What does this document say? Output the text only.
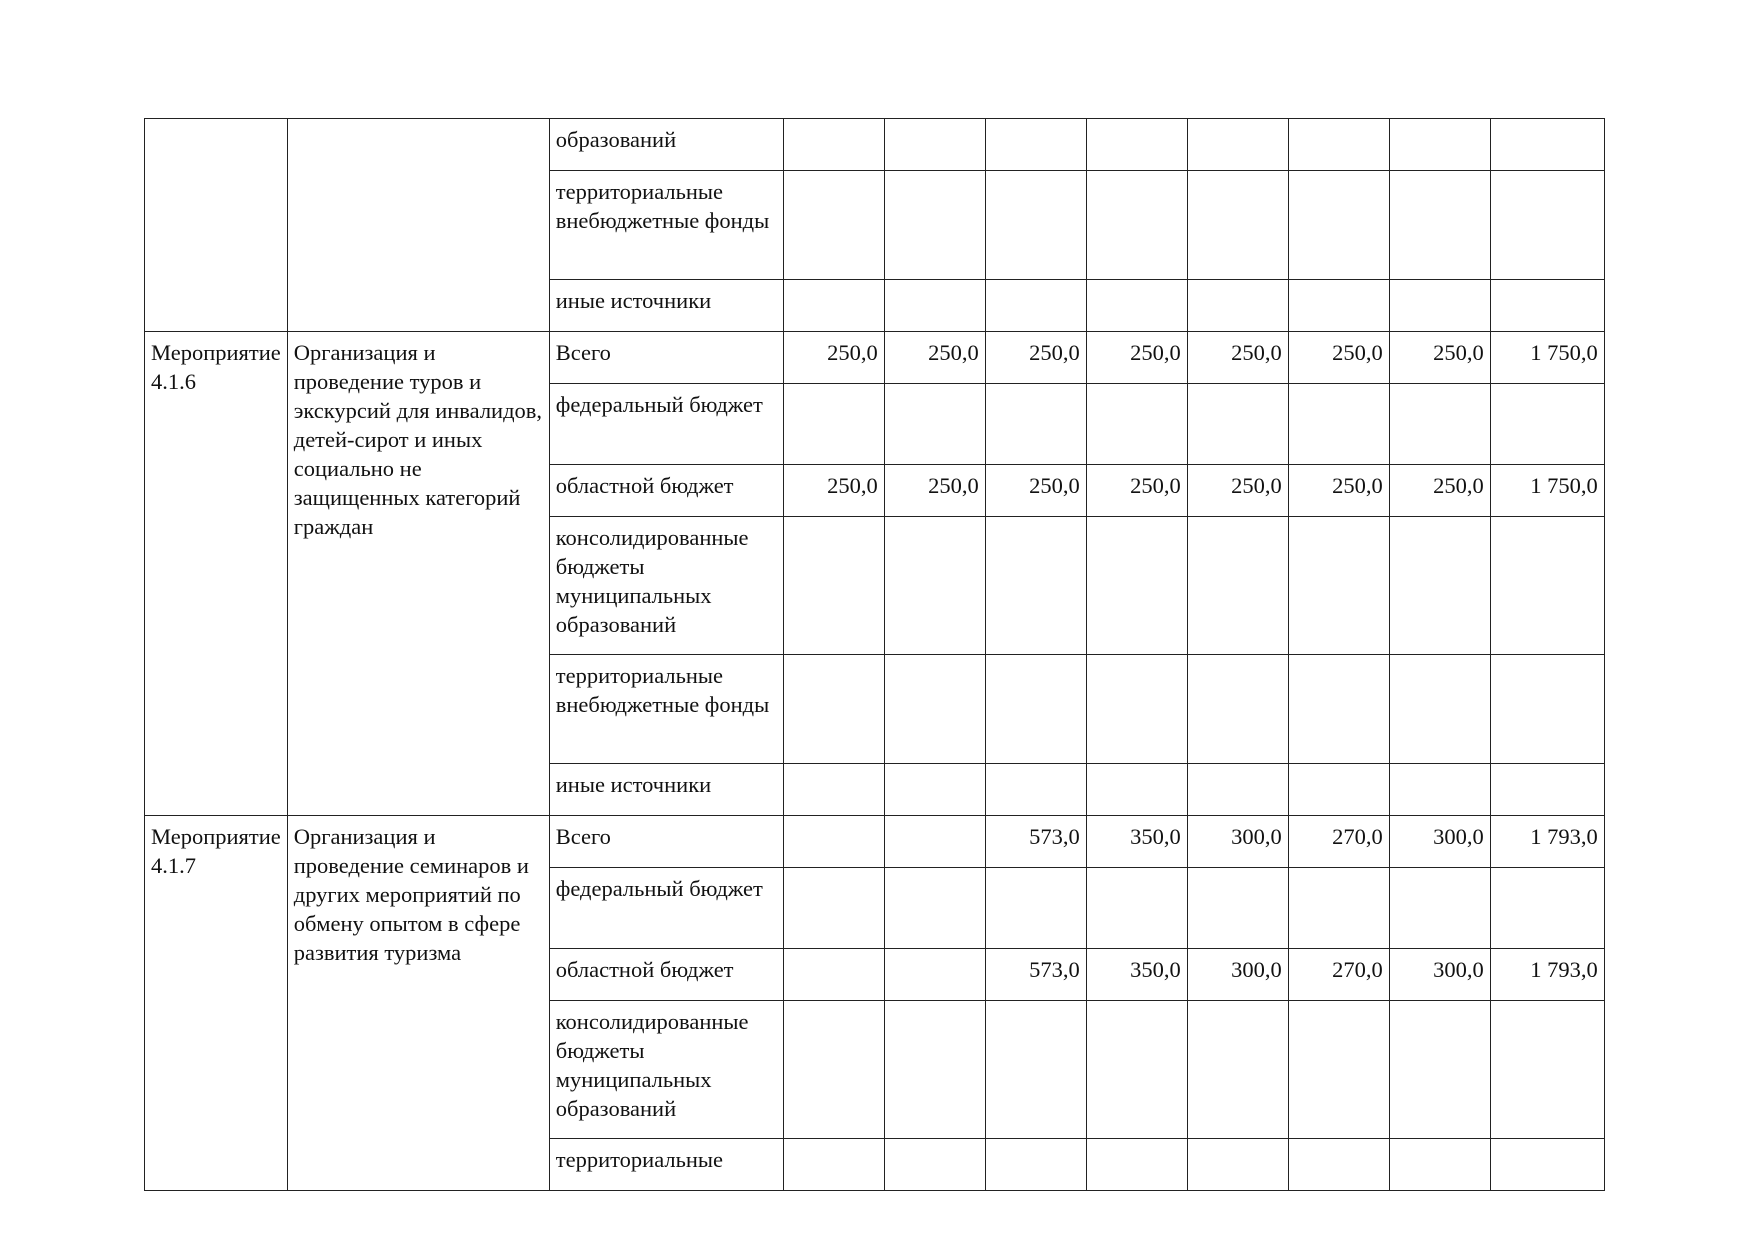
		образований								
		территориальные внебюджетные фонды								
		иные источники								
Мероприятие 4.1.6	Организация и проведение туров и экскурсий для инвалидов, детей-сирот и иных социально не защищенных категорий граждан	Всего	250,0	250,0	250,0	250,0	250,0	250,0	250,0	1 750,0
		федеральный бюджет								
		областной бюджет	250,0	250,0	250,0	250,0	250,0	250,0	250,0	1 750,0
		консолидированные бюджеты муниципальных образований								
		территориальные внебюджетные фонды								
		иные источники								
Мероприятие 4.1.7	Организация и проведение семинаров и других мероприятий по обмену опытом в сфере развития туризма	Всего			573,0	350,0	300,0	270,0	300,0	1 793,0
		федеральный бюджет								
		областной бюджет			573,0	350,0	300,0	270,0	300,0	1 793,0
		консолидированные бюджеты муниципальных образований								
		территориальные								
